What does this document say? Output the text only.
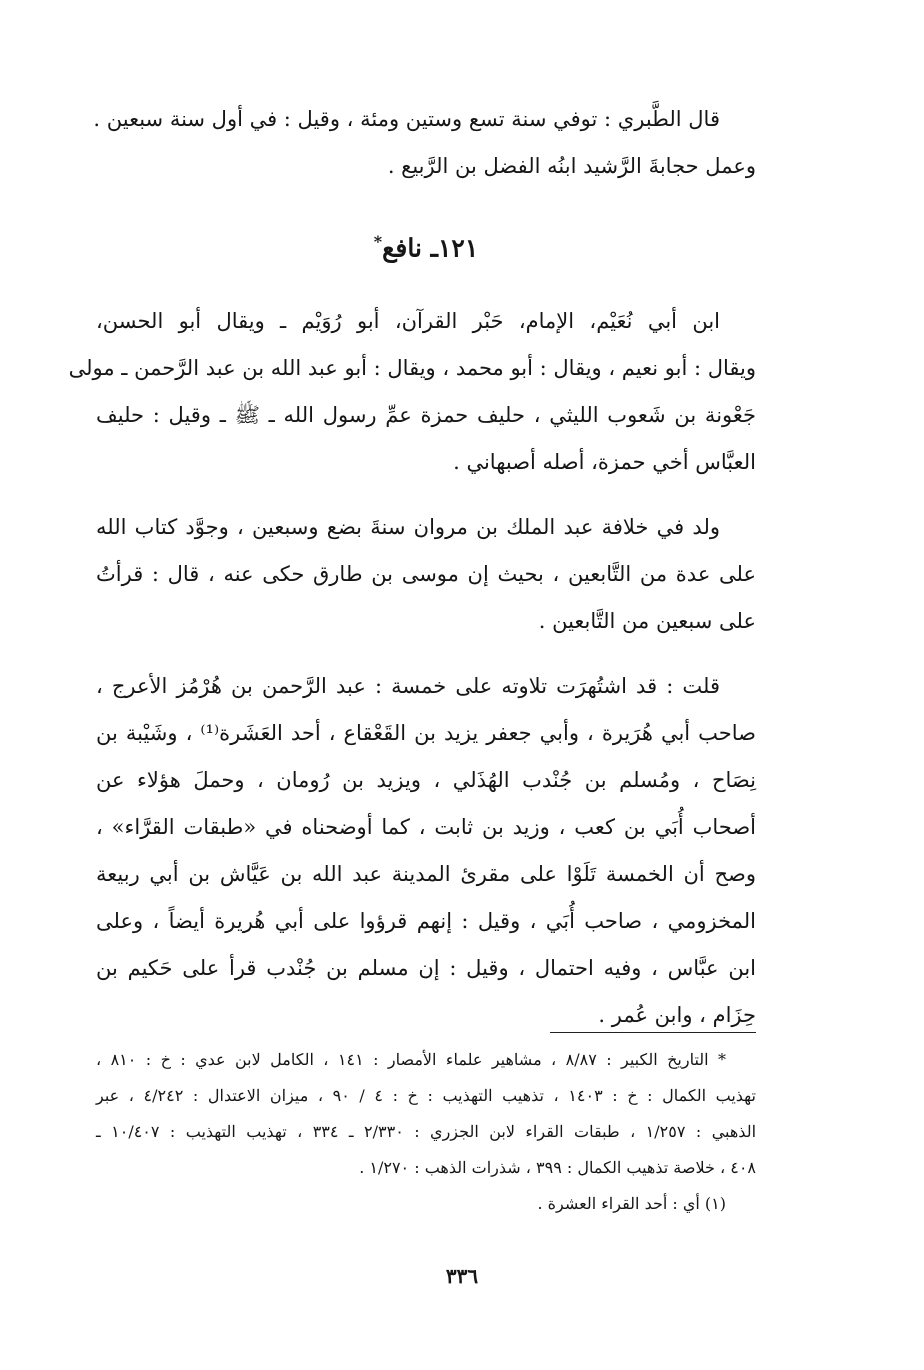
قال الطَّبري : توفي سنة تسع وستين ومئة ، وقيل : في أول سنة سبعين .
وعمل حجابةَ الرَّشيد ابنُه الفضل بن الرَّبيع .
١٢١ـ نافع*
ابن أبي نُعَيْم، الإمام، حَبْر القرآن، أبو رُوَيْم ـ ويقال أبو الحسن،
ويقال : أبو نعيم ، ويقال : أبو محمد ، ويقال : أبو عبد الله بن عبد الرَّحمن ـ مولى
جَعْونة بن شَعوب الليثي ، حليف حمزة عمِّ رسول الله ـ ﷺ ـ وقيل : حليف
العبَّاس أخي حمزة، أصله أصبهاني .
ولد في خلافة عبد الملك بن مروان سنةَ بضع وسبعين ، وجوَّد كتاب الله
على عدة من التَّابعين ، بحيث إن موسى بن طارق حكى عنه ، قال : قرأتُ
على سبعين من التَّابعين .
قلت : قد اشتُهرَت تلاوته على خمسة : عبد الرَّحمن بن هُرْمُز الأعرج ،
صاحب أبي هُرَيرة ، وأبي جعفر يزيد بن القَعْقاع ، أحد العَشَرة⁽¹⁾ ، وشَيْبة بن
نِصَاح ، ومُسلم بن جُنْدب الهُذَلي ، ويزيد بن رُومان ، وحملَ هؤلاء عن
أصحاب أُبَي بن كعب ، وزيد بن ثابت ، كما أوضحناه في «طبقات القرَّاء» ،
وصح أن الخمسة تَلَوْا على مقرئ المدينة عبد الله بن عَيَّاش بن أبي ربيعة
المخزومي ، صاحب أُبَي ، وقيل : إنهم قرؤوا على أبي هُريرة أيضاً ، وعلى
ابن عبَّاس ، وفيه احتمال ، وقيل : إن مسلم بن جُنْدب قرأ على حَكيم بن
حِزَام ، وابن عُمر .
* التاريخ الكبير : ٨/٨٧ ، مشاهير علماء الأمصار : ١٤١ ، الكامل لابن عدي : خ : ٨١٠ ،
تهذيب الكمال : خ : ١٤٠٣ ، تذهيب التهذيب : خ : ٤ / ٩٠ ، ميزان الاعتدال : ٤/٢٤٢ ، عبر
الذهبي : ١/٢٥٧ ، طبقات القراء لابن الجزري : ٢/٣٣٠ ـ ٣٣٤ ، تهذيب التهذيب : ١٠/٤٠٧ ـ
٤٠٨ ، خلاصة تذهيب الكمال : ٣٩٩ ، شذرات الذهب : ١/٢٧٠ .
(١) أي : أحد القراء العشرة .
٣٣٦
